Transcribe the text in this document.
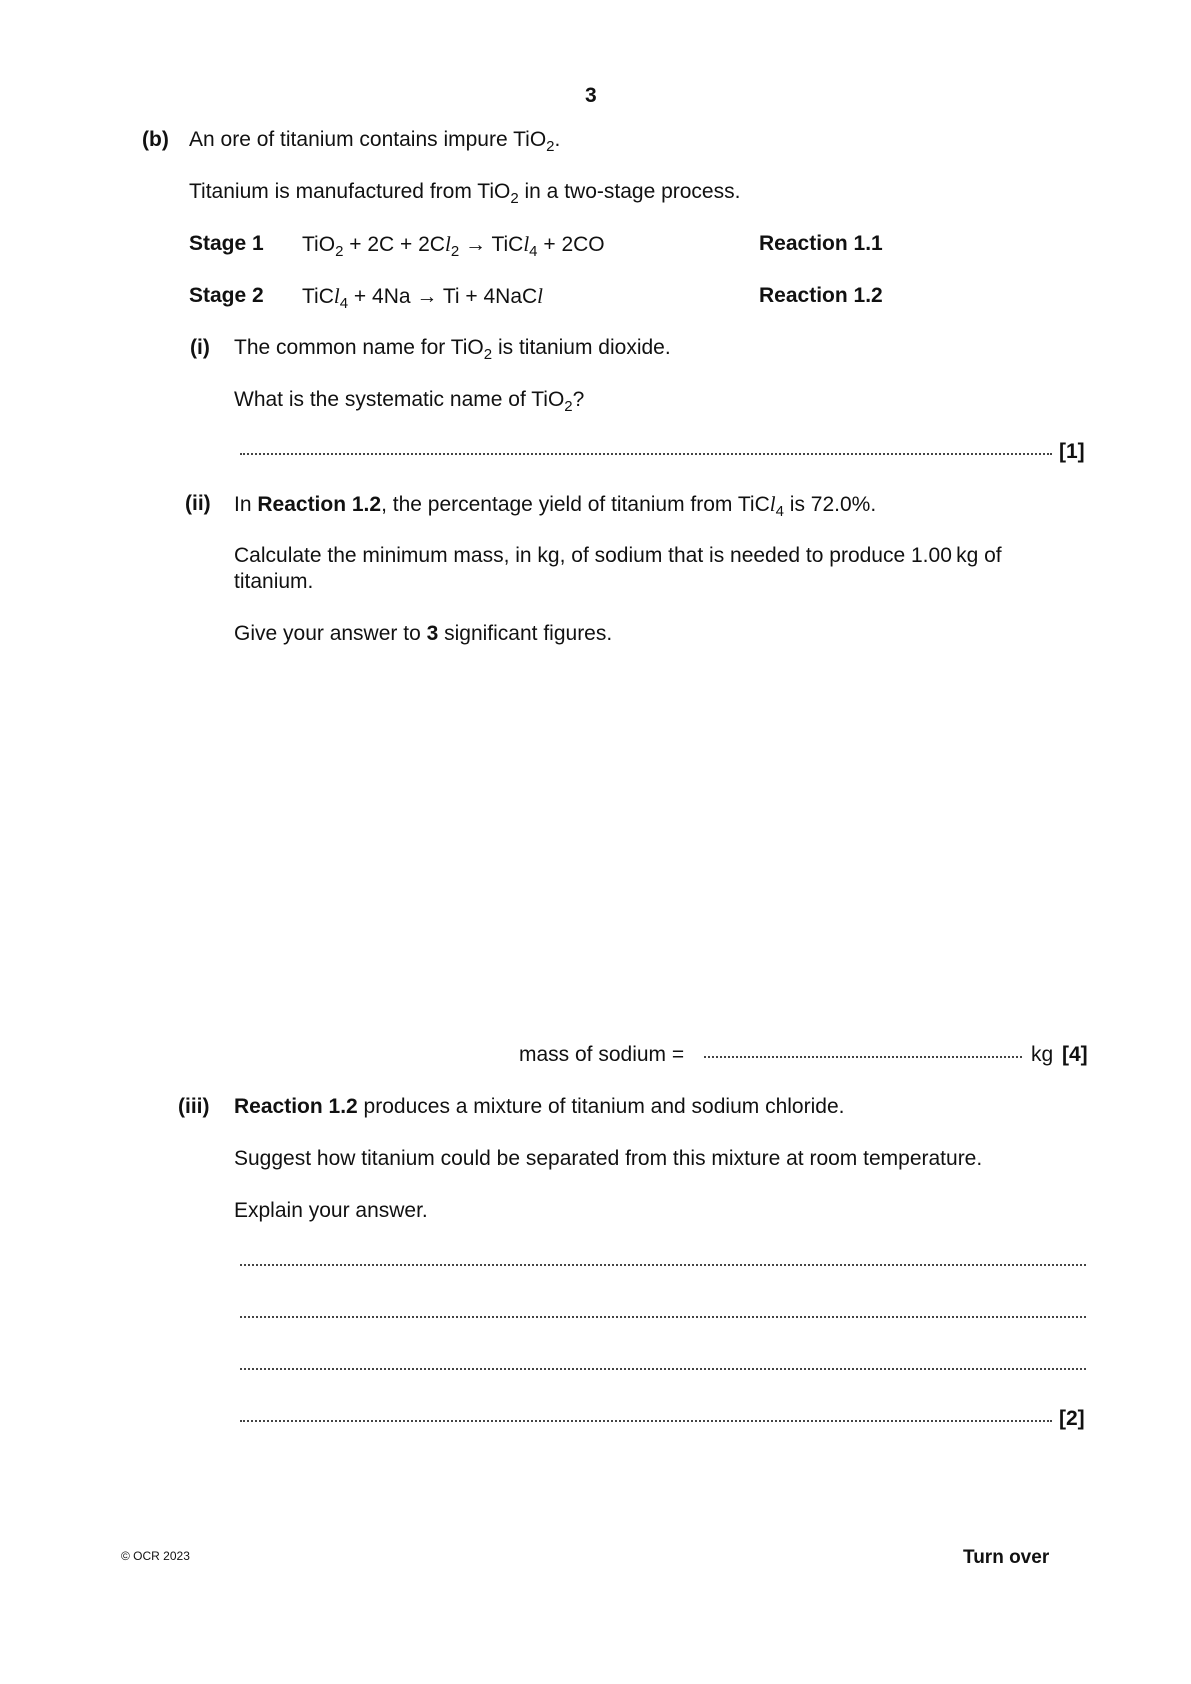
3
(b) An ore of titanium contains impure TiO$_2$.
Titanium is manufactured from TiO$_2$ in a two-stage process.
Stage 1 $TiO_2 + 2C + 2Cl_2$ → TiCl$_4$ + 2CO	Reaction 1.1
Stage 2 TiCl$_4$ + 4Na → Ti + 4NaCl	Reaction 1.2
(i) The common name for TiO$_2$ is titanium dioxide.
What is the systematic name of TiO$_2$?
[1]
(ii) In Reaction 1.2, the percentage yield of titanium from TiCl$_4$ is 72.0%.
Calculate the minimum mass, in kg, of sodium that is needed to produce 1.00 kg of
titanium.
Give your answer to 3 significant figures.
mass of sodium =	kg [4]
(iii) Reaction 1.2 produces a mixture of titanium and sodium chloride.
Suggest how titanium could be separated from this mixture at room temperature.
Explain your answer.
[2]
© OCR 2023	Turn over
